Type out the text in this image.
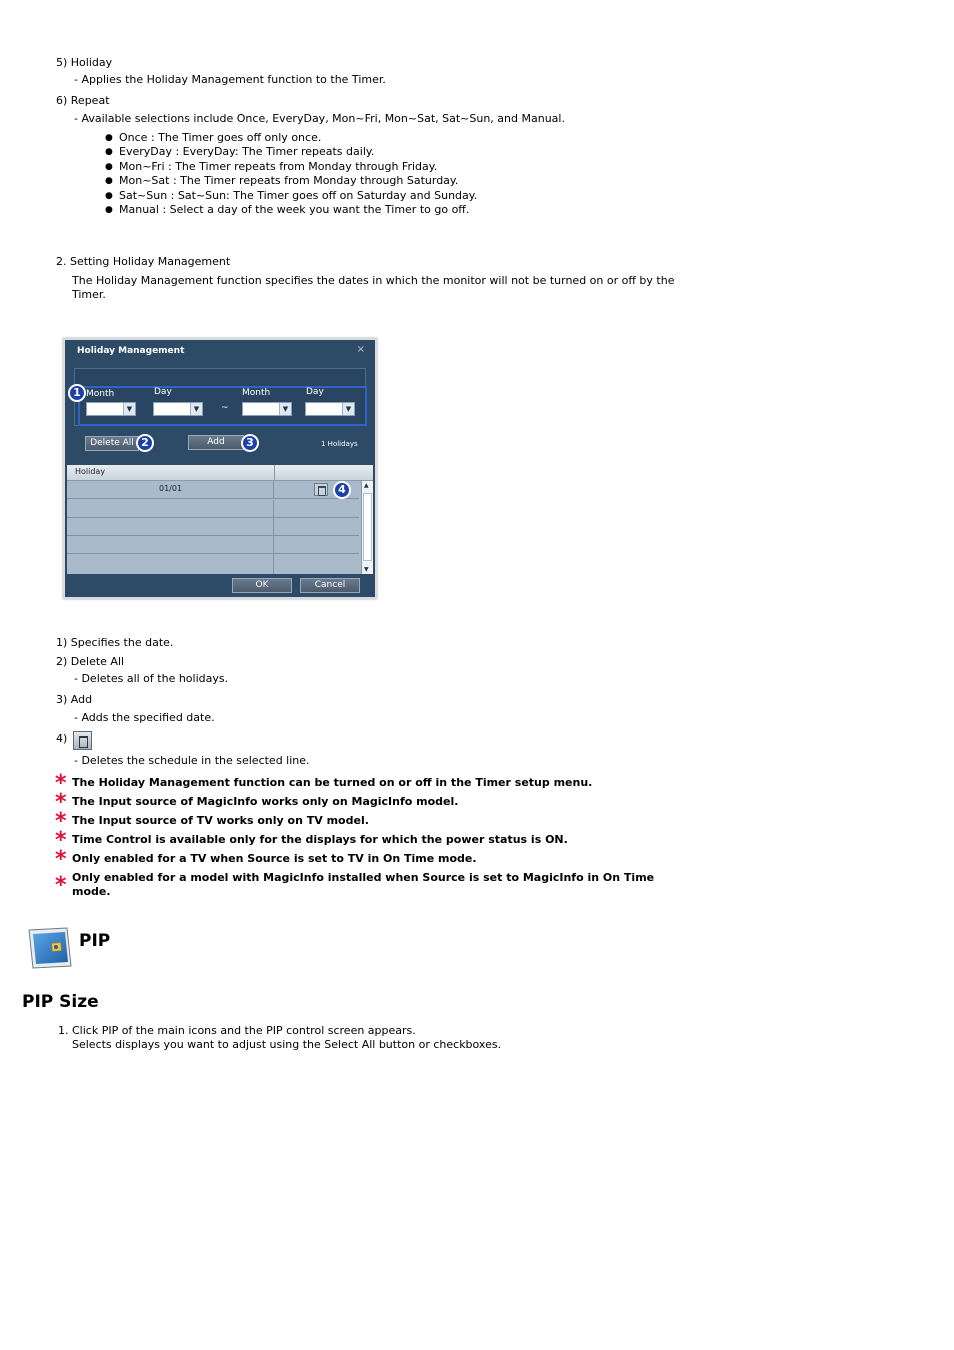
5) Holiday
- Applies the Holiday Management function to the Timer.
6) Repeat
- Available selections include Once, EveryDay, Mon~Fri, Mon~Sat, Sat~Sun, and Manual.
● Once : The Timer goes off only once.
● EveryDay : EveryDay: The Timer repeats daily.
● Mon~Fri : The Timer repeats from Monday through Friday.
● Mon~Sat : The Timer repeats from Monday through Saturday.
● Sat~Sun : Sat~Sun: The Timer goes off on Saturday and Sunday.
● Manual : Select a day of the week you want the Timer to go off.
2. Setting Holiday Management
The Holiday Management function specifies the dates in which the monitor will not be turned on or off by the
Timer.
Holiday Management	×
Month	Day	Month	Day
▼	▼	~	▼	▼
1
Delete All 2	Add	3	1 Holidays
Holiday
01/01	▲
▼
4
OK	Cancel
1) Specifies the date.
2) Delete All
- Deletes all of the holidays.
3) Add
- Adds the specified date.
4)
- Deletes the schedule in the selected line.
* The Holiday Management function can be turned on or off in the Timer setup menu.
* The Input source of MagicInfo works only on MagicInfo model.
* The Input source of TV works only on TV model.
* Time Control is available only for the displays for which the power status is ON.
* Only enabled for a TV when Source is set to TV in On Time mode.
* Only enabled for a model with MagicInfo installed when Source is set to MagicInfo in On Time
mode.
PIP
PIP Size
1. Click PIP of the main icons and the PIP control screen appears.
Selects displays you want to adjust using the Select All button or checkboxes.
